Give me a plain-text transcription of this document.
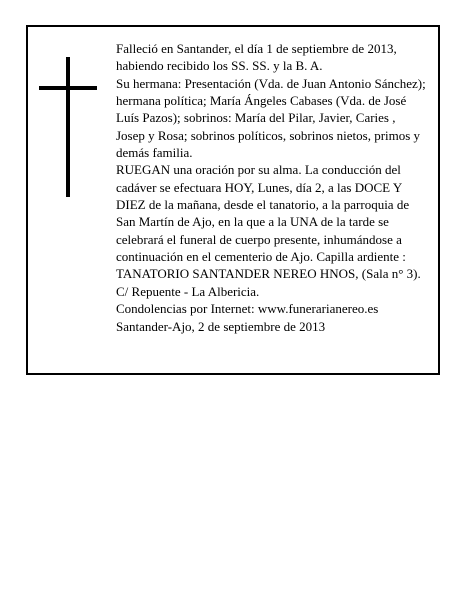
Falleció en Santander, el día 1 de septiembre de 2013, habiendo recibido los SS. SS. y la B. A.

Su hermana: Presentación (Vda. de Juan Antonio Sánchez); hermana política; María Ángeles Cabases (Vda. de José Luís Pazos); sobrinos: María del Pilar, Javier, Caries , Josep y Rosa; sobrinos políticos, sobrinos nietos, primos y demás familia.

RUEGAN una oración por su alma. La conducción del cadáver se efectuara HOY, Lunes, día 2, a las DOCE Y DIEZ de la mañana, desde el tanatorio, a la parroquia de San Martín de Ajo, en la que a la UNA de la tarde se celebrará el funeral de cuerpo presente, inhumándose a continuación en el cementerio de Ajo. Capilla ardiente : TANATORIO SANTANDER NEREO HNOS, (Sala n° 3). C/ Repuente - La Albericia.

Condolencias por Internet: www.funerarianereo.es

Santander-Ajo, 2 de septiembre de 2013
